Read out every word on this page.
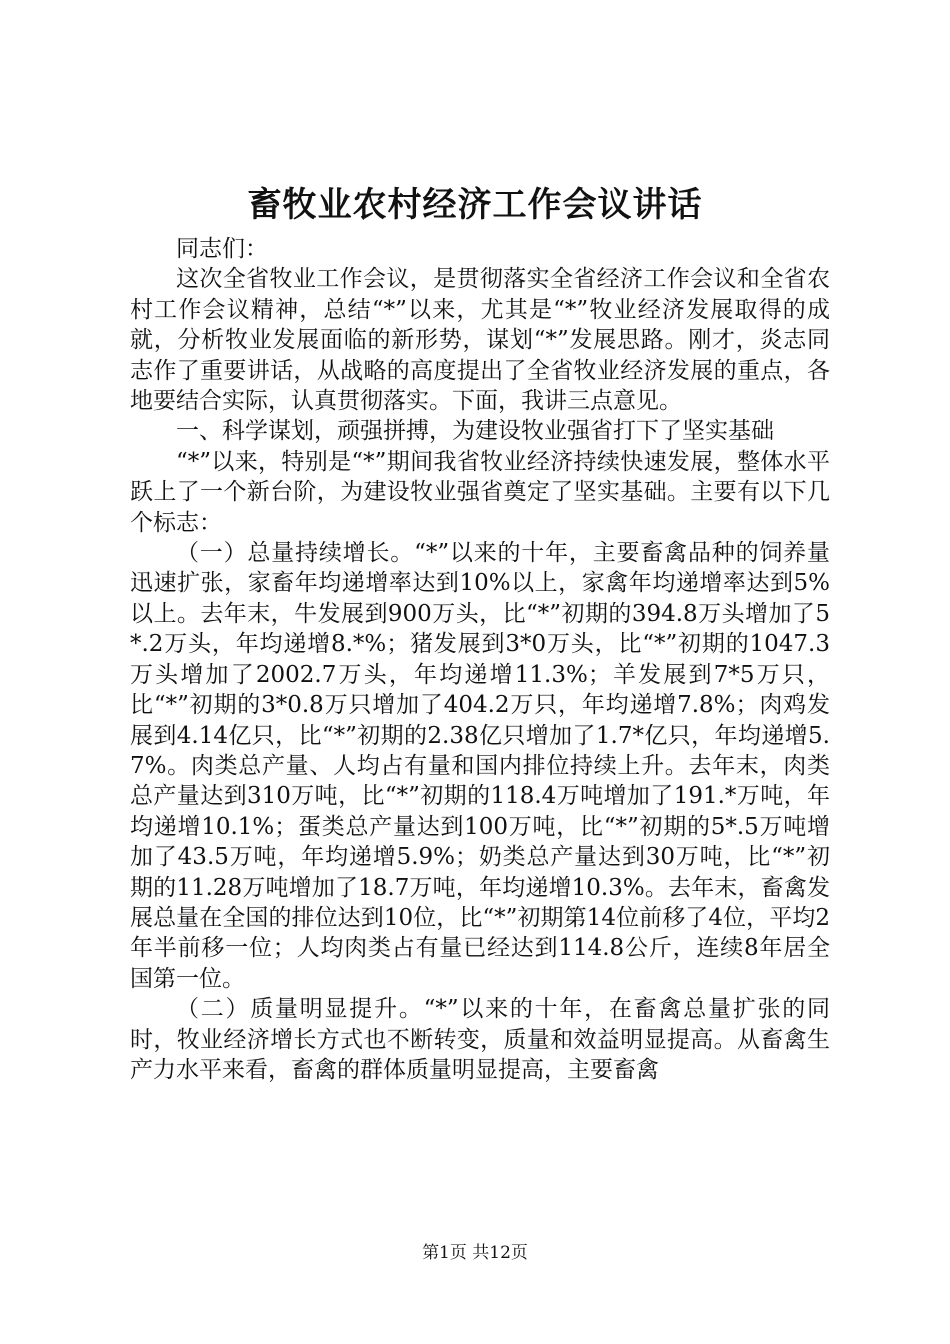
畜牧业农村经济工作会议讲话

同志们：

这次全省牧业工作会议，是贯彻落实全省经济工作会议和全省农村工作会议精神，总结“*”以来，尤其是“*”牧业经济发展取得的成就，分析牧业发展面临的新形势，谋划“*”发展思路。刚才，炎志同志作了重要讲话，从战略的高度提出了全省牧业经济发展的重点，各地要结合实际，认真贯彻落实。下面，我讲三点意见。

一、科学谋划，顽强拼搏，为建设牧业强省打下了坚实基础

“*”以来，特别是“*”期间我省牧业经济持续快速发展，整体水平跃上了一个新台阶，为建设牧业强省奠定了坚实基础。主要有以下几个标志：

（一）总量持续增长。“*”以来的十年，主要畜禽品种的饲养量迅速扩张，家畜年均递增率达到10%以上，家禽年均递增率达到5%以上。去年末，牛发展到900万头，比“*”初期的394.8万头增加了5*.2万头，年均递增8.*%；猪发展到3*0万头，比“*”初期的1047.3万头增加了2002.7万头，年均递增11.3%；羊发展到7*5万只，比“*”初期的3*0.8万只增加了404.2万只，年均递增7.8%；肉鸡发展到4.14亿只，比“*”初期的2.38亿只增加了1.7*亿只，年均递增5.7%。肉类总产量、人均占有量和国内排位持续上升。去年末，肉类总产量达到310万吨，比“*”初期的118.4万吨增加了191.*万吨，年均递增10.1%；蛋类总产量达到100万吨，比“*”初期的5*.5万吨增加了43.5万吨，年均递增5.9%；奶类总产量达到30万吨，比“*”初期的11.28万吨增加了18.7万吨，年均递增10.3%。去年末，畜禽发展总量在全国的排位达到10位，比“*”初期第14位前移了4位，平均2年半前移一位；人均肉类占有量已经达到114.8公斤，连续8年居全国第一位。

（二）质量明显提升。“*”以来的十年，在畜禽总量扩张的同时，牧业经济增长方式也不断转变，质量和效益明显提高。从畜禽生产力水平来看，畜禽的群体质量明显提高，主要畜禽

第1页 共12页
